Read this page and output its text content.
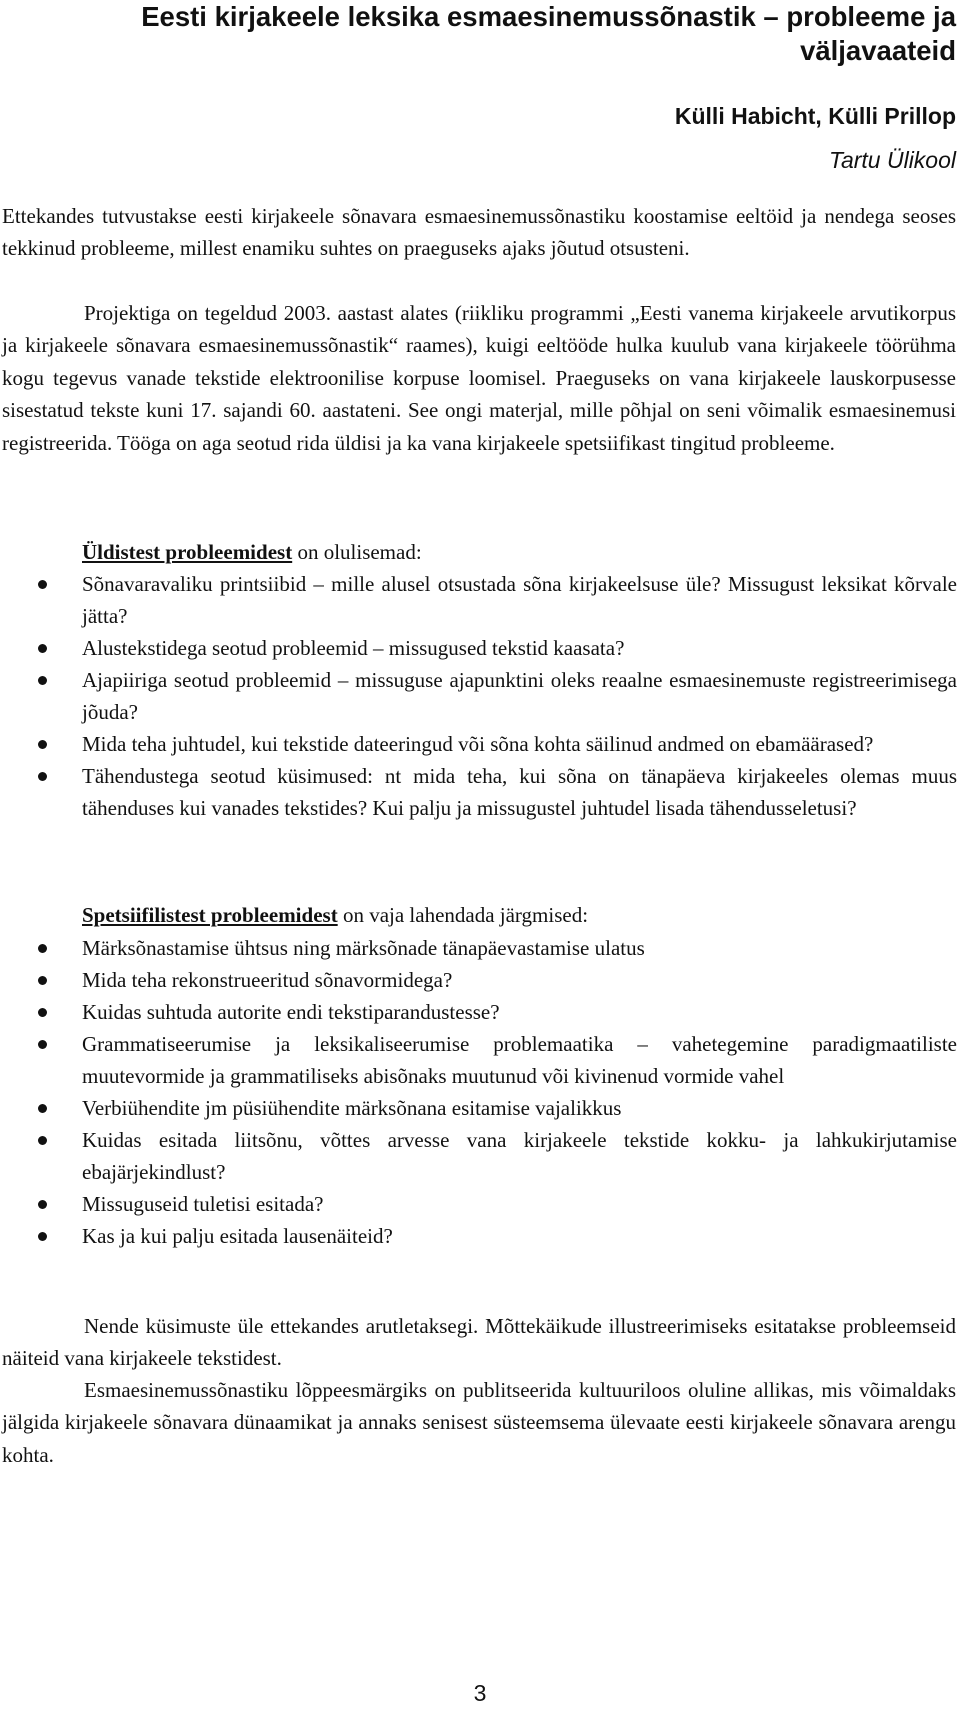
Eesti kirjakeele leksika esmaesinemussõnastik – probleeme ja väljavaateid
Külli Habicht, Külli Prillop
Tartu Ülikool

Ettekandes tutvustakse eesti kirjakeele sõnavara esmaesinemussõnastiku koostamise eeltöid ja nendega seoses tekkinud probleeme, millest enamiku suhtes on praeguseks ajaks jõutud otsusteni.

Projektiga on tegeldud 2003. aastast alates (riikliku programmi „Eesti vanema kirjakeele arvutikorpus ja kirjakeele sõnavara esmaesinemussõnastik“ raames), kuigi eeltööde hulka kuulub vana kirjakeele töörühma kogu tegevus vanade tekstide elektroonilise korpuse loomisel. Praeguseks on vana kirjakeele lauskorpusesse sisestatud tekste kuni 17. sajandi 60. aastateni. See ongi materjal, mille põhjal on seni võimalik esmaesinemusi registreerida. Tööga on aga seotud rida üldisi ja ka vana kirjakeele spetsiifikast tingitud probleeme.

Üldistest probleemidest on olulisemad:
Sõnavaravaliku printsiibid – mille alusel otsustada sõna kirjakeelsuse üle? Missugust leksikat kõrvale jätta?
Alustekstidega seotud probleemid – missugused tekstid kaasata?
Ajapiiriga seotud probleemid – missuguse ajapunktini oleks reaalne esmaesinemuste registreerimisega jõuda?
Mida teha juhtudel, kui tekstide dateeringud või sõna kohta säilinud andmed on ebamäärased?
Tähendustega seotud küsimused: nt mida teha, kui sõna on tänapäeva kirjakeeles olemas muus tähenduses kui vanades tekstides? Kui palju ja missugustel juhtudel lisada tähendusseletusi?
Spetsiifilistest probleemidest on vaja lahendada järgmised:
Märksõnastamise ühtsus ning märksõnade tänapäevastamise ulatus
Mida teha rekonstrueeritud sõnavormidega?
Kuidas suhtuda autorite endi tekstiparandustesse?
Grammatiseerumise ja leksikaliseerumise problemaatika – vahetegemine paradigmaatiliste muutevormide ja grammatiliseks abisõnaks muutunud või kivinenud vormide vahel
Verbiühendite jm püsiühendite märksõnana esitamise vajalikkus
Kuidas esitada liitsõnu, võttes arvesse vana kirjakeele tekstide kokku- ja lahkukirjutamise ebajärjekindlust?
Missuguseid tuletisi esitada?
Kas ja kui palju esitada lausenäiteid?

Nende küsimuste üle ettekandes arutletaksegi. Mõttekäikude illustreerimiseks esitatakse probleemseid näiteid vana kirjakeele tekstidest.

Esmaesinemussõnastiku lõppeesmärgiks on publitseerida kultuuriloos oluline allikas, mis võimaldaks jälgida kirjakeele sõnavara dünaamikat ja annaks senisest süsteemsema ülevaate eesti kirjakeele sõnavara arengu kohta.

3
